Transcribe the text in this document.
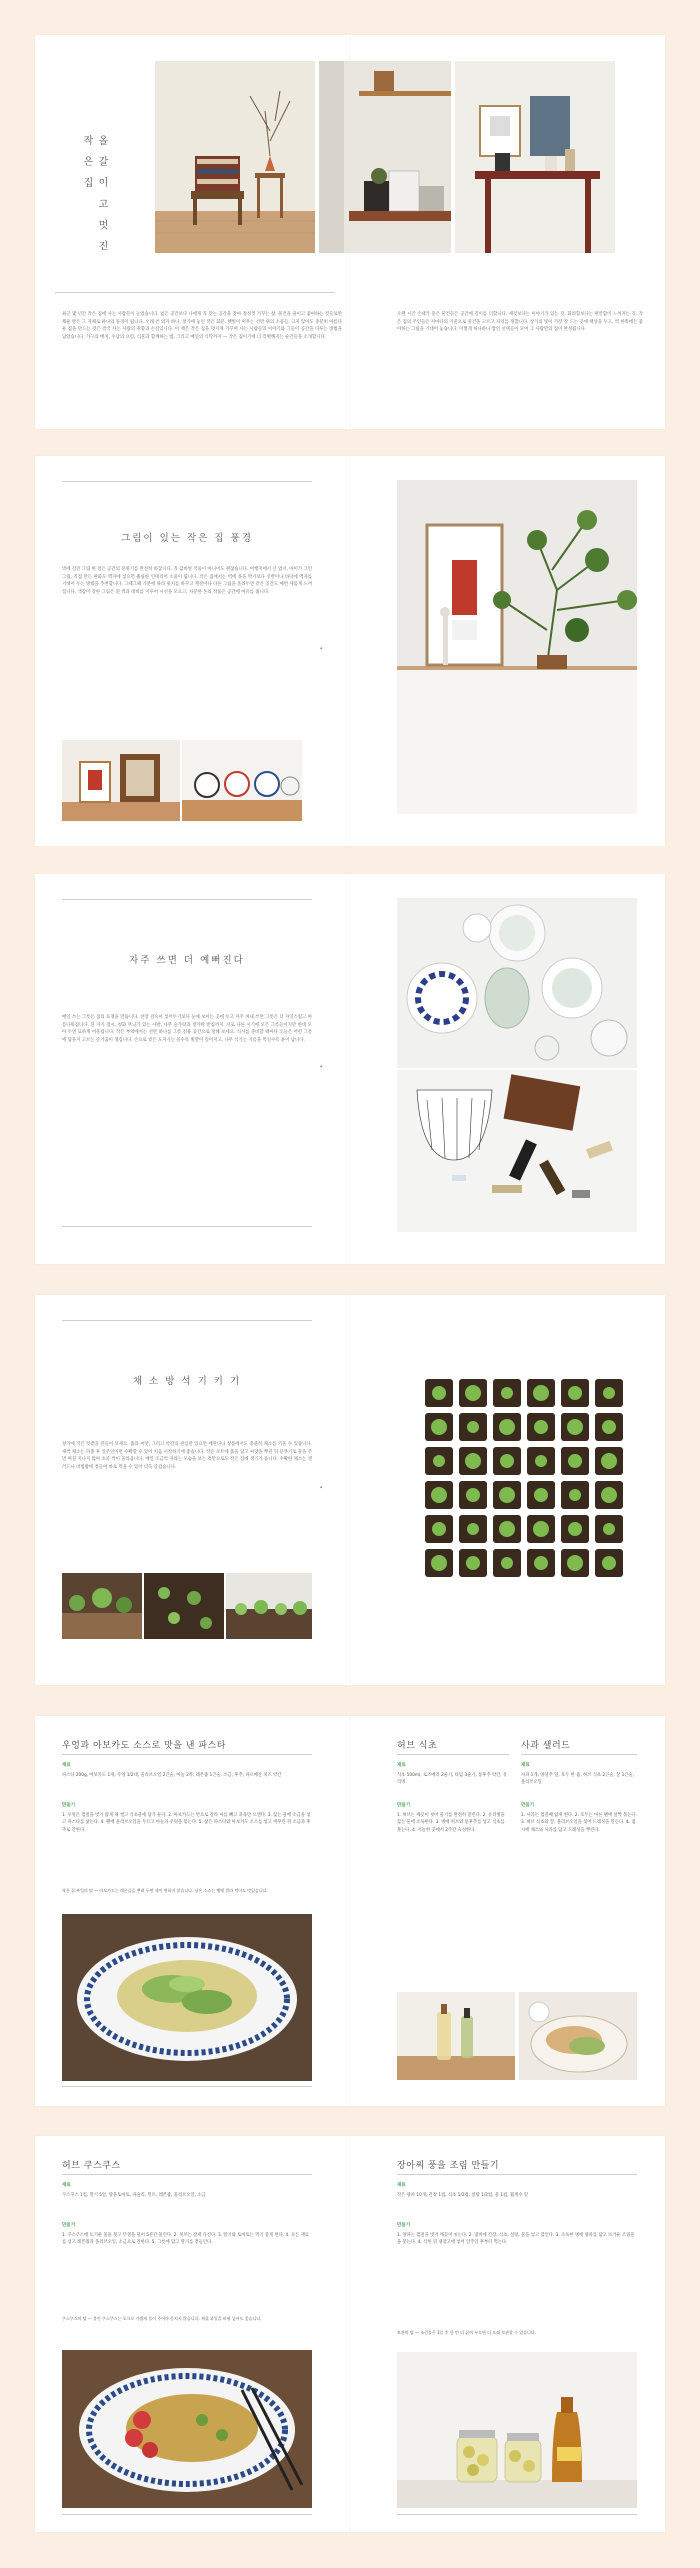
올 갈 이 고 멋 진 작 은 집
최근 몇 년간 작은 집에 사는 사람들이 늘었습니다. 넓은 공간보다 나에게 꼭 맞는 공간을 찾아 정성껏 가꾸는 삶. 물건을 줄이고 좋아하는 것들로만 채운 방은 그 자체로 하나의 풍경이 됩니다. 오래 쓴 의자 하나, 창가에 놓인 작은 화분, 햇빛이 머무는 선반 위의 소품들. 크지 않아도 충분히 아름다운 집을 만드는 것은 결국 사는 사람의 취향과 손길입니다. 이 책은 작은 집을 멋지게 가꾸며 사는 사람들의 이야기와 그들이 공간을 다루는 방법을 담았습니다. 가구의 배치, 수납의 요령, 식물과 함께하는 법, 그리고 매일의 식탁까지 — 작은 집이기에 더 특별해지는 순간들을 소개합니다.
오랜 시간 손때가 묻은 물건들은 공간에 깊이를 더합니다. 새것보다는 이야기가 있는 것, 화려함보다는 편안함이 느껴지는 것. 작은 집의 주인들은 저마다의 기준으로 물건을 고르고 자리를 정합니다. 창가의 빛이 가장 잘 드는 곳에 책상을 두고, 벽 한쪽에는 좋아하는 그림을 기대어 놓습니다. 이렇게 하나하나 쌓인 선택들이 모여 그 사람만의 집이 완성됩니다.
그림이 있는 작은 집 풍경
벽에 걸린 그림 한 점은 공간의 분위기를 완전히 바꿉니다. 꼭 값비싼 작품이 아니어도 괜찮습니다. 여행지에서 산 엽서, 아이가 그린 그림, 직접 만든 판화도 액자에 넣으면 훌륭한 인테리어 소품이 됩니다. 작은 집에서는 벽에 못을 박기보다 선반이나 바닥에 액자를 기대어 두는 방법을 추천합니다. 그때그때 기분에 따라 위치를 바꾸고 계절마다 다른 그림을 올려두면 같은 공간도 매번 새롭게 느껴집니다. 색감이 강한 그림은 흰 벽과 대비를 이루어 시선을 모으고, 차분한 톤의 작품은 공간에 여유를 줍니다.
◆
자주 쓰면 더 예뻐진다
매일 쓰는 그릇은 집의 표정을 만듭니다. 찬장 깊숙이 넣어두기보다 눈에 보이는 곳에 두고 자주 꺼내 쓰면 그릇은 더 자연스럽고 아름다워집니다. 흰 자기 접시, 청화 무늬가 있는 사발, 나무 숟가락과 젓가락 받침까지. 서로 다른 시기에 모은 그릇들이지만 한데 모아 두면 묘하게 어울립니다. 작은 부엌에서는 선반 하나를 그릇 전용 공간으로 정해 보세요. 식사를 준비할 때마다 오늘은 어떤 그릇에 담을지 고르는 즐거움이 생깁니다. 손으로 빚은 도자기는 쓸수록 빛깔이 깊어지고, 나무 식기는 기름을 먹일수록 윤이 납니다.
◆
채 소 방 석 기 키 기
창가에 작은 텃밭을 만들어 보세요. 흙과 씨앗, 그리고 약간의 관심만 있으면 베란다나 창틀에서도 충분히 채소를 키울 수 있습니다. 새싹 채소는 파종 후 일주일이면 수확할 수 있어 처음 시작하기에 좋습니다. 작은 포트에 흙을 담고 씨앗을 뿌린 뒤 분무기로 물을 주면 며칠 지나지 않아 초록 싹이 올라옵니다. 매일 조금씩 자라는 모습을 보는 것만으로도 작은 집에 생기가 돕니다. 수확한 채소는 샐러드나 비빔밥에 곁들여 바로 먹을 수 있어 더욱 즐겁습니다.
◆
우엉과 아보카도 소스로 맛을 낸 파스타
재료
파스타 200g, 아보카도 1개, 우엉 1/2대, 올리브오일 2큰술, 마늘 2쪽, 레몬즙 1큰술, 소금, 후추, 파르메산 치즈 약간
만들기
1. 우엉은 껍질을 벗겨 얇게 채 썰고 식초물에 담가 둔다. 2. 아보카도는 반으로 갈라 씨를 빼고 과육만 으깬다. 3. 끓는 물에 소금을 넣고 파스타를 삶는다. 4. 팬에 올리브오일을 두르고 마늘과 우엉을 볶는다. 5. 삶은 파스타와 아보카도 소스를 넣고 버무린 뒤 소금과 후추로 간한다.
작은 집 부엌의 팁 — 아보카도는 레몬즙을 뿌려 두면 색이 변하지 않습니다. 남은 소스는 빵에 발라 먹어도 맛있습니다.
허브 식초
재료
식초 500ml, 로즈메리 2줄기, 타임 3줄기, 통후추 약간, 유리병
만들기
1. 허브는 깨끗이 씻어 물기를 완전히 말린다. 2. 유리병을 끓는 물에 소독한다. 3. 병에 허브와 통후추를 넣고 식초를 붓는다. 4. 서늘한 곳에서 2주간 숙성한다.
사과 샐러드
재료
사과 1개, 양상추 잎, 호두 한 줌, 허브 식초 2큰술, 꿀 1큰술, 올리브오일
만들기
1. 사과는 껍질째 얇게 썬다. 2. 호두는 마른 팬에 살짝 볶는다. 3. 허브 식초와 꿀, 올리브오일을 섞어 드레싱을 만든다. 4. 접시에 채소와 사과를 담고 드레싱을 뿌린다.
허브 쿠스쿠스
재료
쿠스쿠스 1컵, 딸기 5알, 방울토마토, 파슬리, 민트, 레몬즙, 올리브오일, 소금
만들기
1. 쿠스쿠스에 뜨거운 물을 붓고 뚜껑을 덮어 5분간 불린다. 2. 허브는 잘게 다진다. 3. 딸기와 토마토는 먹기 좋게 썬다. 4. 모든 재료를 섞고 레몬즙과 올리브오일, 소금으로 간한다. 5. 그릇에 담고 딸기를 곁들인다.
쿠스쿠스의 팁 — 불린 쿠스쿠스는 포크로 가볍게 풀어 주어야 뭉치지 않습니다. 제철 과일을 바꿔 넣어도 좋습니다.
장아찌 풍을 조림 만들기
재료
작은 양파 10개, 간장 1컵, 식초 1/2컵, 설탕 1/2컵, 물 1컵, 월계수 잎
만들기
1. 양파는 껍질을 벗겨 깨끗이 씻는다. 2. 냄비에 간장, 식초, 설탕, 물을 넣고 끓인다. 3. 소독한 병에 양파를 담고 뜨거운 조림물을 붓는다. 4. 식힌 뒤 냉장고에 넣어 일주일 후부터 먹는다.
보관의 팁 — 조림물은 3일 후 한 번 더 끓여 부으면 더 오래 보관할 수 있습니다.
